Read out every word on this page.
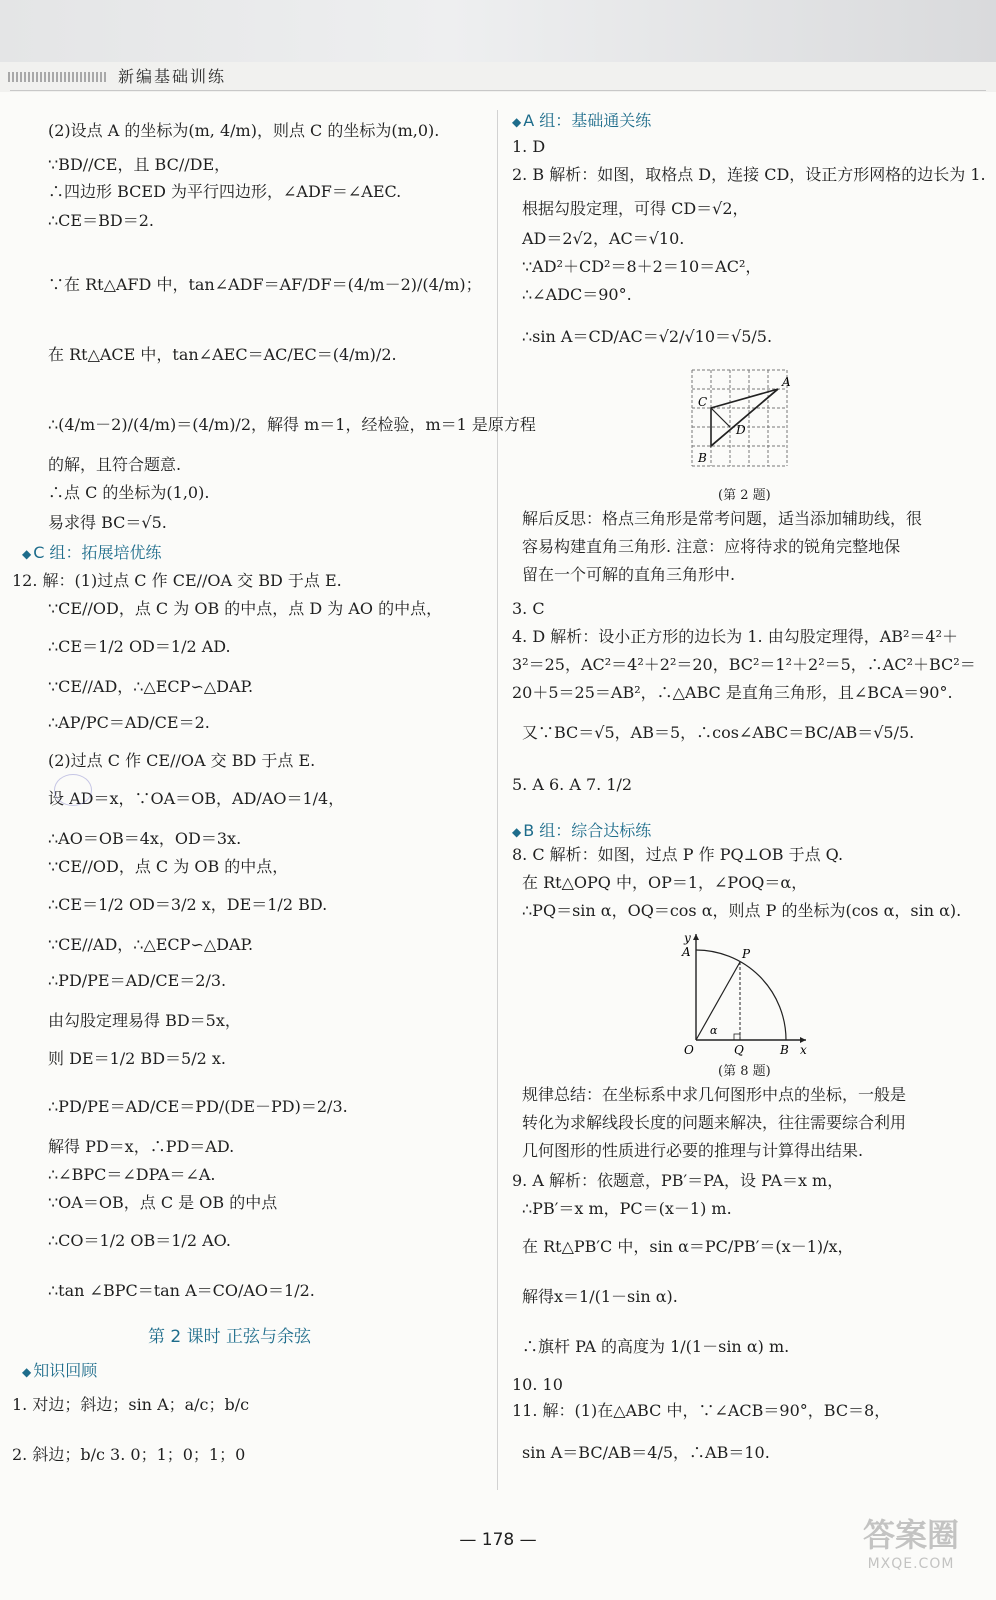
新编基础训练
(2)设点 A 的坐标为(m, 4/m)，则点 C 的坐标为(m,0).
∵BD//CE，且 BC//DE，
∴四边形 BCED 为平行四边形，∠ADF＝∠AEC.
∴CE＝BD＝2.
∵在 Rt△AFD 中，tan∠ADF＝AF/DF＝(4/m－2)/(4/m)；
在 Rt△ACE 中，tan∠AEC＝AC/EC＝(4/m)/2.
∴(4/m－2)/(4/m)＝(4/m)/2，解得 m＝1，经检验，m＝1 是原方程
的解，且符合题意.
∴点 C 的坐标为(1,0).
易求得 BC＝√5.
12. 解：(1)过点 C 作 CE//OA 交 BD 于点 E.
∵CE//OD，点 C 为 OB 的中点，点 D 为 AO 的中点，
∴CE＝1/2 OD＝1/2 AD.
∵CE//AD，∴△ECP∽△DAP.
∴AP/PC＝AD/CE＝2.
(2)过点 C 作 CE//OA 交 BD 于点 E.
设 AD＝x，∵OA＝OB，AD/AO＝1/4，
∴AO＝OB＝4x，OD＝3x.
∵CE//OD，点 C 为 OB 的中点，
∴CE＝1/2 OD＝3/2 x，DE＝1/2 BD.
∵CE//AD，∴△ECP∽△DAP.
∴PD/PE＝AD/CE＝2/3.
由勾股定理易得 BD＝5x，
则 DE＝1/2 BD＝5/2 x.
∴PD/PE＝AD/CE＝PD/(DE－PD)＝2/3.
解得 PD＝x，∴PD＝AD.
∴∠BPC＝∠DPA＝∠A.
∵OA＝OB，点 C 是 OB 的中点
∴CO＝1/2 OB＝1/2 AO.
∴tan ∠BPC＝tan A＝CO/AO＝1/2.
1. 对边；斜边；sin A；a/c；b/c
2. 斜边；b/c 3. 0；1；0；1；0
◆ C 组：拓展培优练
◆ 知识回顾
第 2 课时 正弦与余弦
◆ A 组：基础通关练
◆ B 组：综合达标练
1. D
2. B 解析：如图，取格点 D，连接 CD，设正方形网格的边长为 1.
根据勾股定理，可得 CD＝√2，
AD＝2√2，AC＝√10.
∵AD²＋CD²＝8＋2＝10＝AC²，
∴∠ADC＝90°.
∴sin A＝CD/AC＝√2/√10＝√5/5.
解后反思：格点三角形是常考问题，适当添加辅助线，很
容易构建直角三角形. 注意：应将待求的锐角完整地保
留在一个可解的直角三角形中.
3. C
4. D 解析：设小正方形的边长为 1. 由勾股定理得，AB²＝4²＋
3²＝25，AC²＝4²＋2²＝20，BC²＝1²＋2²＝5，∴AC²＋BC²＝
20＋5＝25＝AB²，∴△ABC 是直角三角形，且∠BCA＝90°.
又∵BC＝√5，AB＝5，∴cos∠ABC＝BC/AB＝√5/5.
5. A 6. A 7. 1/2
8. C 解析：如图，过点 P 作 PQ⊥OB 于点 Q.
在 Rt△OPQ 中，OP＝1，∠POQ＝α，
∴PQ＝sin α，OQ＝cos α，则点 P 的坐标为(cos α，sin α).
规律总结：在坐标系中求几何图形中点的坐标，一般是
转化为求解线段长度的问题来解决，往往需要综合利用
几何图形的性质进行必要的推理与计算得出结果.
9. A 解析：依题意，PB′＝PA，设 PA＝x m，
∴PB′＝x m，PC＝(x－1) m.
在 Rt△PB′C 中，sin α＝PC/PB′＝(x－1)/x，
解得x＝1/(1－sin α).
∴旗杆 PA 的高度为 1/(1－sin α) m.
10. 10
11. 解：(1)在△ABC 中，∵∠ACB＝90°，BC＝8，
sin A＝BC/AB＝4/5，∴AB＝10.
A
C
D
B
(第 2 题)
y
A	P
α
O	Q	B x
(第 8 题)
— 178 —	答案圈
MXQE.COM
